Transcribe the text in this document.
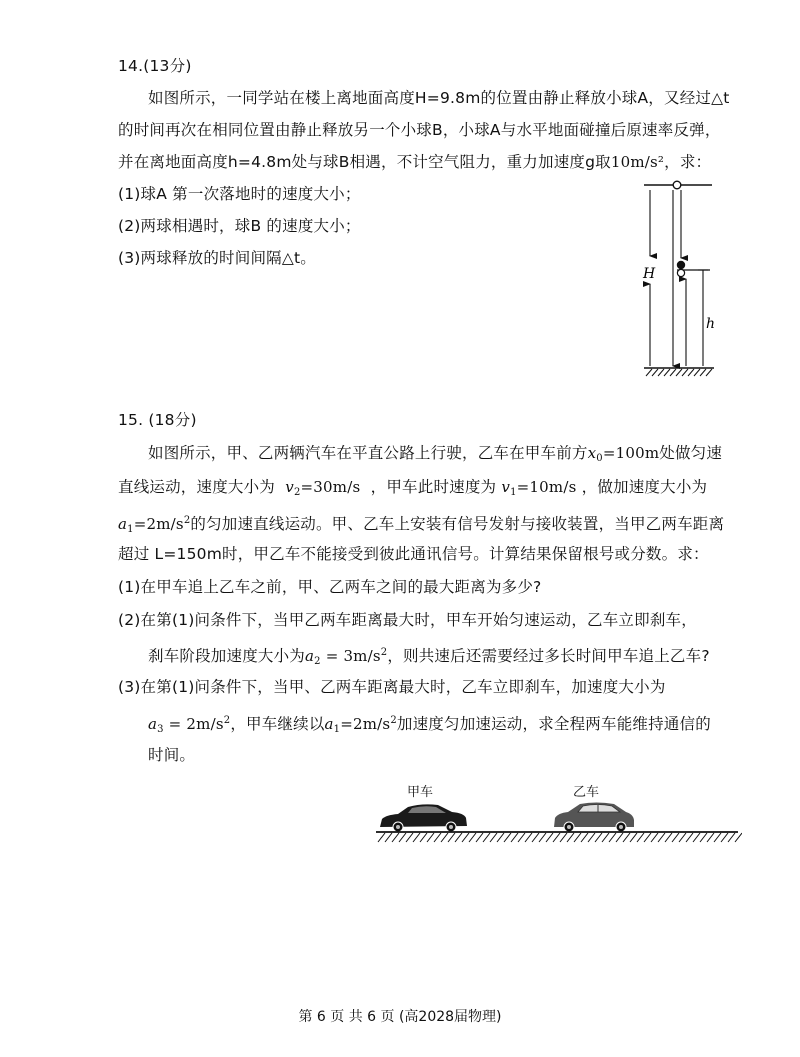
14.(13分)
如图所示，一同学站在楼上离地面高度H=9.8m的位置由静止释放小球A，又经过△t
的时间再次在相同位置由静止释放另一个小球B，小球A与水平地面碰撞后原速率反弹，
并在离地面高度h=4.8m处与球B相遇，不计空气阻力，重力加速度g取10m/s²，求：
(1)球A 第一次落地时的速度大小；
(2)两球相遇时，球B 的速度大小；
(3)两球释放的时间间隔△t。
H
h
15. (18分)
如图所示，甲、乙两辆汽车在平直公路上行驶，乙车在甲车前方$x_0=100m$处做匀速
直线运动，速度大小为 $v_2=30m/s$ ，甲车此时速度为 $v_1=10m/s$ ，做加速度大小为
$a_1=2m/s^2$的匀加速直线运动。甲、乙车上安装有信号发射与接收装置，当甲乙两车距离
超过 L=150m时，甲乙车不能接受到彼此通讯信号。计算结果保留根号或分数。求：
(1)在甲车追上乙车之前，甲、乙两车之间的最大距离为多少?
(2)在第(1)问条件下，当甲乙两车距离最大时，甲车开始匀速运动，乙车立即刹车，
刹车阶段加速度大小为$a_2 = 3m/s^2$，则共速后还需要经过多长时间甲车追上乙车?
(3)在第(1)问条件下，当甲、乙两车距离最大时，乙车立即刹车，加速度大小为
$a_3 = 2m/s^2$，甲车继续以$a_1=2m/s^2$加速度匀加速运动，求全程两车能维持通信的
时间。
甲车	乙车
第 6 页 共 6 页 (高2028届物理)
